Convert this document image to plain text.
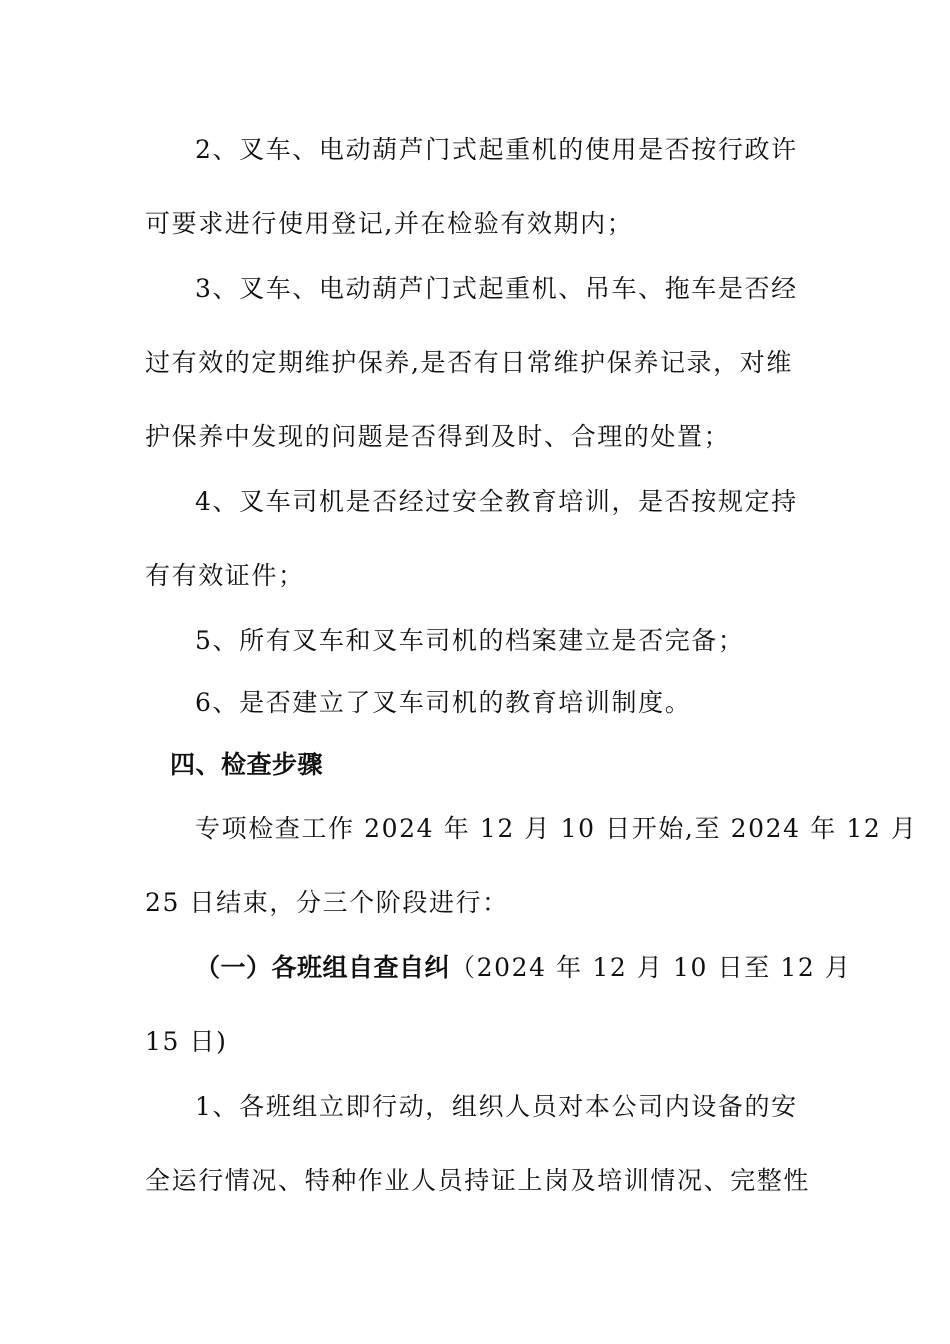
2、叉车、电动葫芦门式起重机的使用是否按行政许
可要求进行使用登记,并在检验有效期内；
3、叉车、电动葫芦门式起重机、吊车、拖车是否经
过有效的定期维护保养,是否有日常维护保养记录，对维
护保养中发现的问题是否得到及时、合理的处置；
4、叉车司机是否经过安全教育培训，是否按规定持
有有效证件；
5、所有叉车和叉车司机的档案建立是否完备；
6、是否建立了叉车司机的教育培训制度。
四、检查步骤
专项检查工作 2024 年 12 月 10 日开始,至 2024 年 12 月
25 日结束，分三个阶段进行：
（一）各班组自查自纠（2024 年 12 月 10 日至 12 月
15 日)
1、各班组立即行动，组织人员对本公司内设备的安
全运行情况、特种作业人员持证上岗及培训情况、完整性
